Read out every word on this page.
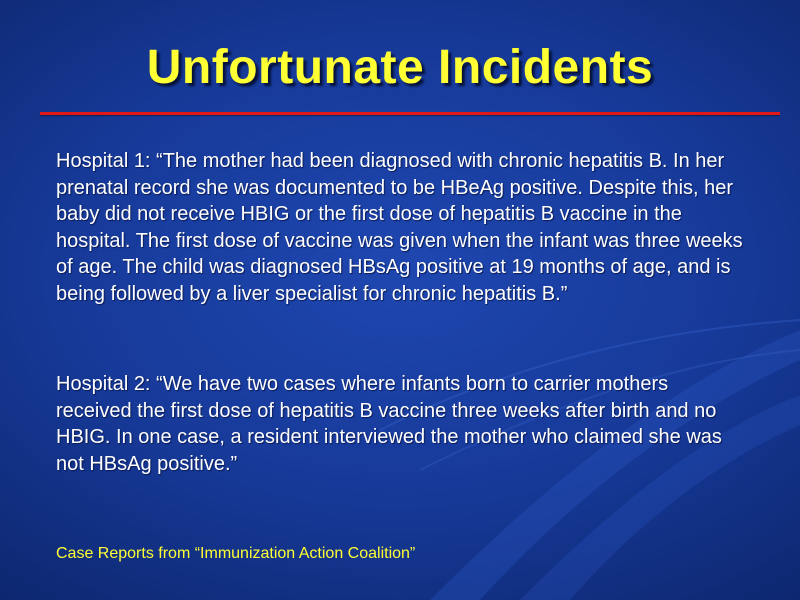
Unfortunate Incidents
Hospital 1: “The mother had been diagnosed with chronic hepatitis B. In her prenatal record she was documented to be HBeAg positive. Despite this, her baby did not receive HBIG or the first dose of hepatitis B vaccine in the hospital. The first dose of vaccine was given when the infant was three weeks of age. The child was diagnosed HBsAg positive at 19 months of age, and is being followed by a liver specialist for chronic hepatitis B.”
Hospital 2: “We have two cases where infants born to carrier mothers received the first dose of hepatitis B vaccine three weeks after birth and no HBIG. In one case, a resident interviewed the mother who claimed she was not HBsAg positive.”
Case Reports from “Immunization Action Coalition”
